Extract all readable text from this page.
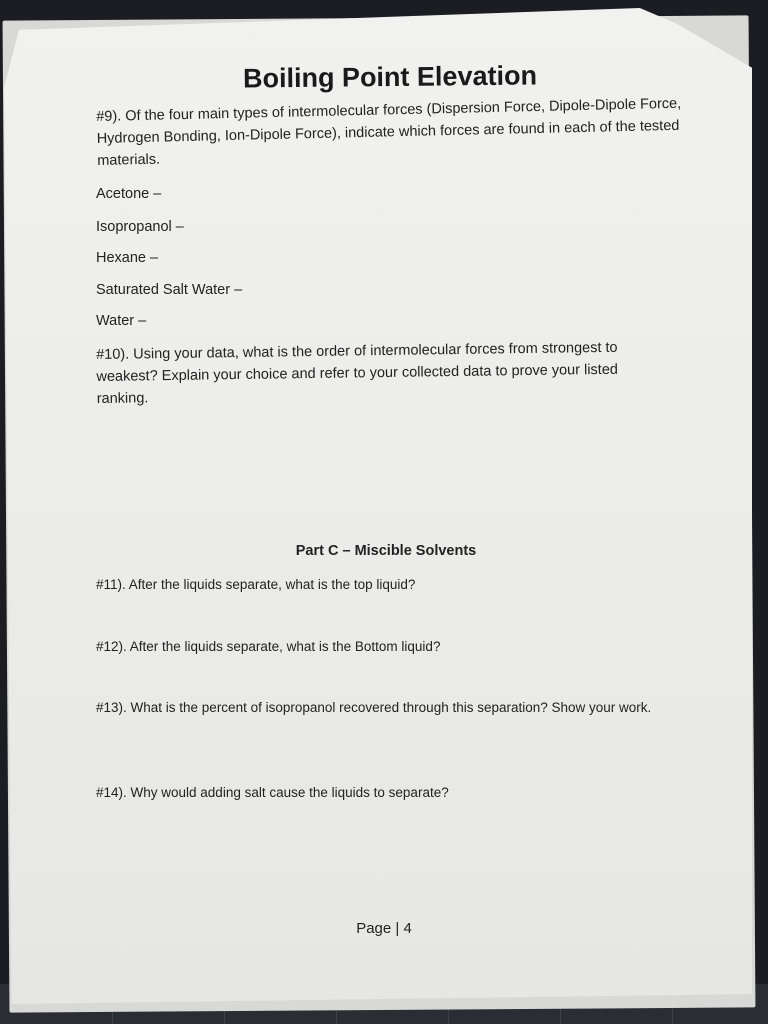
Boiling Point Elevation
#9). Of the four main types of intermolecular forces (Dispersion Force, Dipole-Dipole Force, Hydrogen Bonding, Ion-Dipole Force), indicate which forces are found in each of the tested materials.
Acetone –
Isopropanol –
Hexane –
Saturated Salt Water –
Water –
#10). Using your data, what is the order of intermolecular forces from strongest to weakest? Explain your choice and refer to your collected data to prove your listed ranking.
Part C – Miscible Solvents
#11). After the liquids separate, what is the top liquid?
#12). After the liquids separate, what is the Bottom liquid?
#13). What is the percent of isopropanol recovered through this separation? Show your work.
#14). Why would adding salt cause the liquids to separate?
Page | 4
